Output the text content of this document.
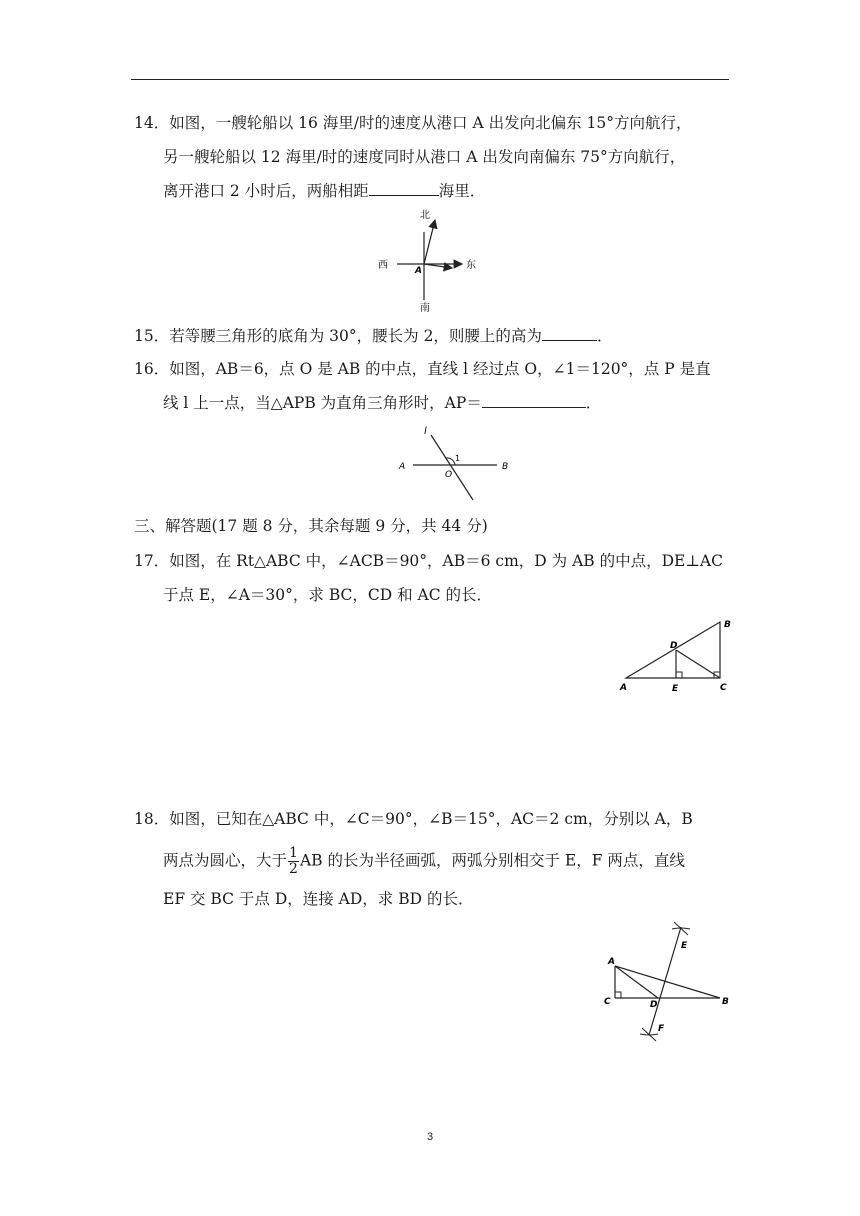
14．如图，一艘轮船以 16 海里/时的速度从港口 A 出发向北偏东 15°方向航行，
另一艘轮船以 12 海里/时的速度同时从港口 A 出发向南偏东 75°方向航行，
离开港口 2 小时后，两船相距	海里．
北
南
东
西	A
15．若等腰三角形的底角为 30°，腰长为 2，则腰上的高为	．
16．如图，AB＝6，点 O 是 AB 的中点，直线 l 经过点 O，∠1＝120°，点 P 是直
线 l 上一点，当△APB 为直角三角形时，AP＝	．
l
A	B
O
1
三、解答题(17 题 8 分，其余每题 9 分，共 44 分)
17．如图，在 Rt△ABC 中，∠ACB＝90°，AB＝6 cm，D 为 AB 的中点，DE⊥AC
于点 E，∠A＝30°，求 BC，CD 和 AC 的长．
A
B
C
D
E
18．如图，已知在△ABC 中，∠C＝90°，∠B＝15°，AC＝2 cm，分别以 A，B
两点为圆心，大于 $\frac{1}{2}$ AB 的长为半径画弧，两弧分别相交于 E，F 两点，直线
EF 交 BC 于点 D，连接 AD，求 BD 的长．
A
B
C	D
E
F
3
